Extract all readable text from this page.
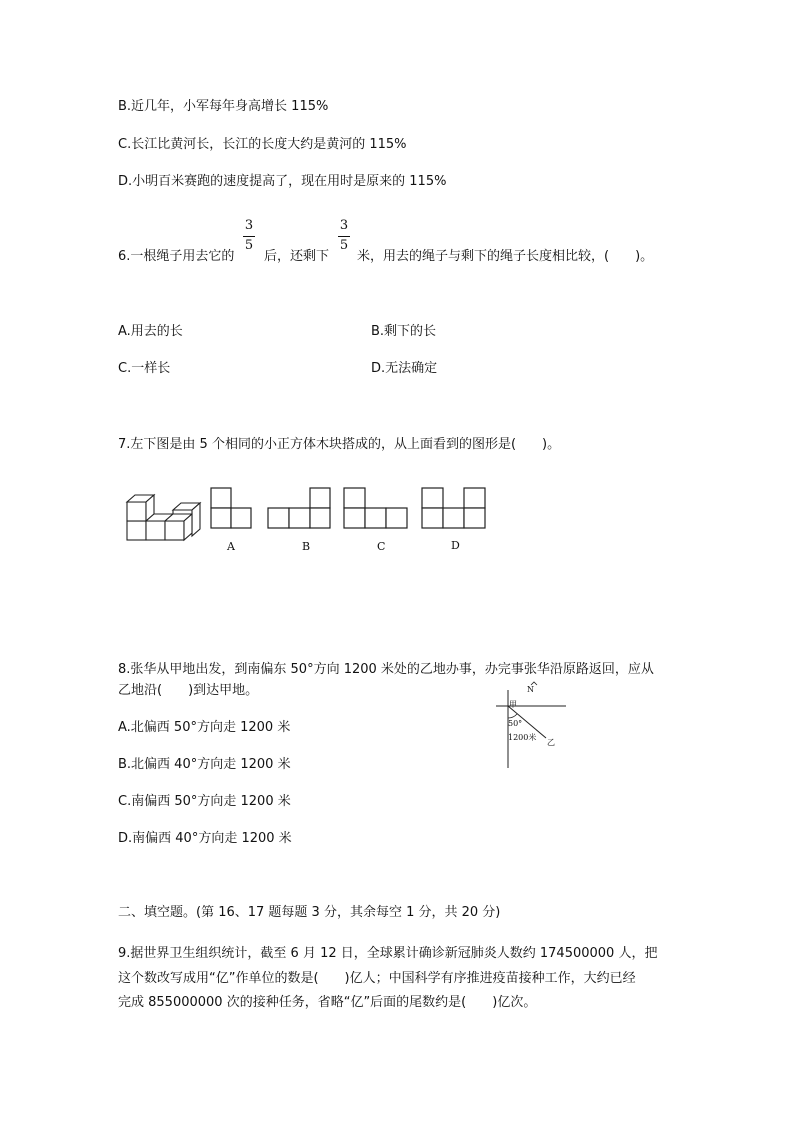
B.近几年，小军每年身高增长 115%
C.长江比黄河长，长江的长度大约是黄河的 115%
D.小明百米赛跑的速度提高了，现在用时是原来的 115%
6.一根绳子用去它的
3
5
后，还剩下
3
5
米，用去的绳子与剩下的绳子长度相比较，(　　)。
A.用去的长	B.剩下的长
C.一样长	D.无法确定
7.左下图是由 5 个相同的小正方体木块搭成的，从上面看到的图形是(　　)。
A	B	C	D
8.张华从甲地出发，到南偏东 50°方向 1200 米处的乙地办事，办完事张华沿原路返回，应从
乙地沿(　　)到达甲地。
A.北偏西 50°方向走 1200 米
B.北偏西 40°方向走 1200 米
C.南偏西 50°方向走 1200 米
D.南偏西 40°方向走 1200 米
N
甲
50°
1200米
乙
二、填空题。(第 16、17 题每题 3 分，其余每空 1 分，共 20 分)
9.据世界卫生组织统计，截至 6 月 12 日，全球累计确诊新冠肺炎人数约 174500000 人，把
这个数改写成用“亿”作单位的数是(　　)亿人；中国科学有序推进疫苗接种工作，大约已经
完成 855000000 次的接种任务，省略“亿”后面的尾数约是(　　)亿次。
